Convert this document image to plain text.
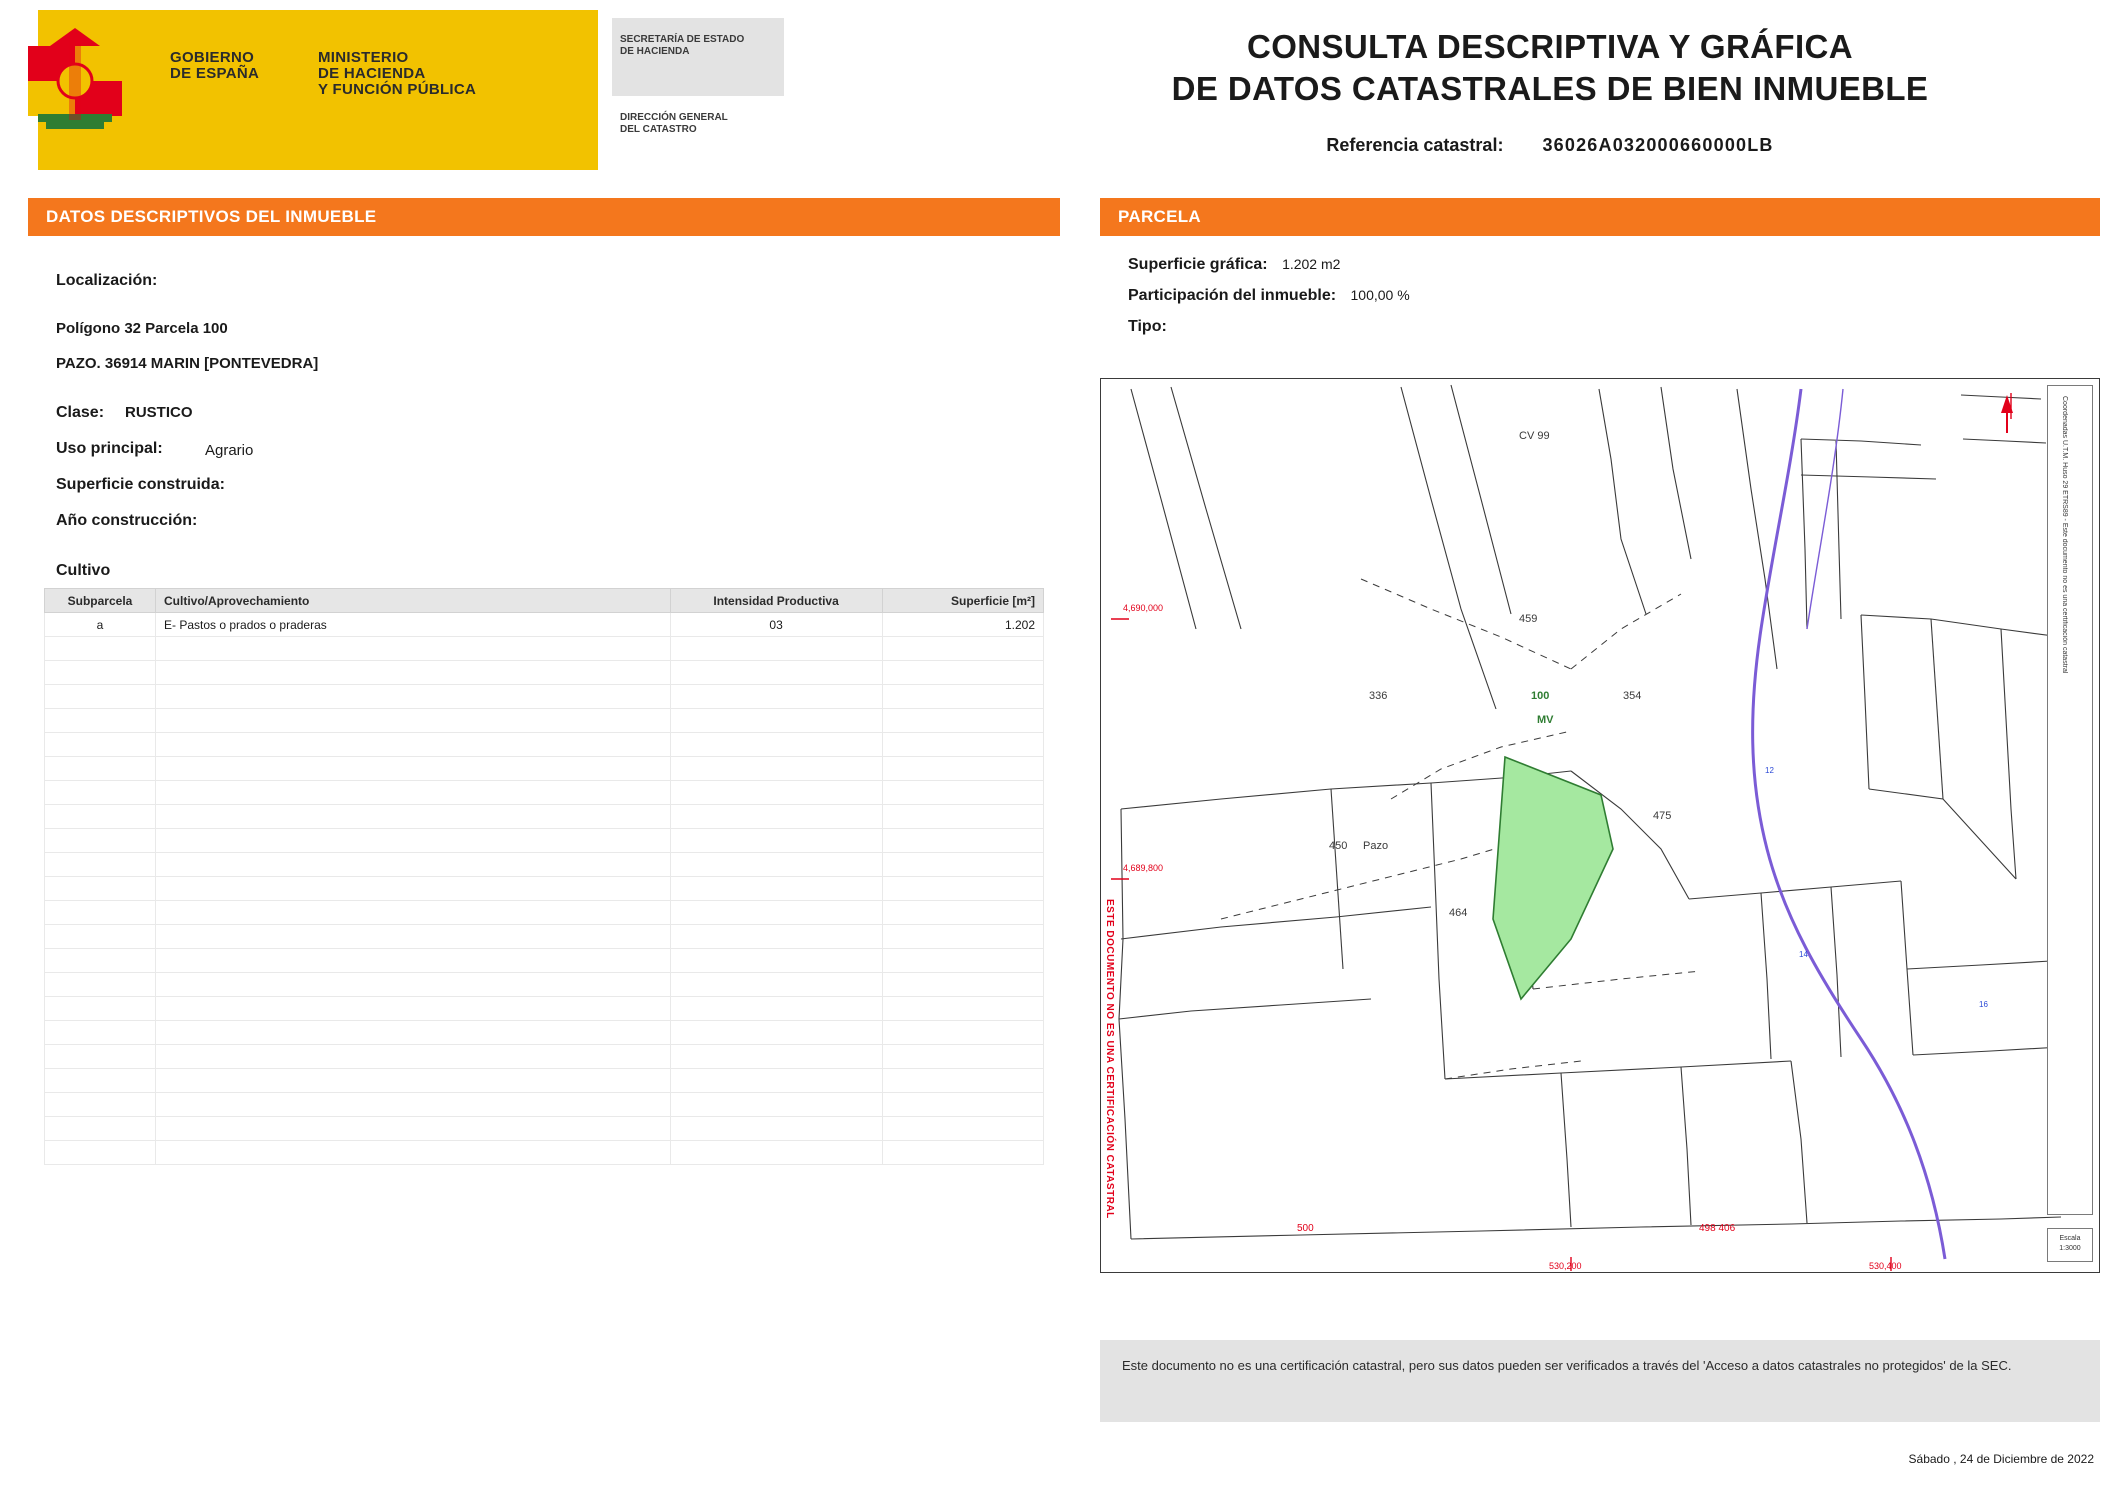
GOBIERNO
DE ESPAÑA
MINISTERIO
DE HACIENDA
Y FUNCIÓN PÚBLICA
SECRETARÍA DE ESTADO
DE HACIENDA
DIRECCIÓN GENERAL
DEL CATASTRO
CONSULTA DESCRIPTIVA Y GRÁFICA
DE DATOS CATASTRALES DE BIEN INMUEBLE
Referencia catastral: 36026A032000660000LB
DATOS DESCRIPTIVOS DEL INMUEBLE
Localización:
Polígono 32 Parcela 100
PAZO. 36914 MARIN [PONTEVEDRA]
Clase: RUSTICO
Uso principal:	Agrario
Superficie construida:
Año construcción:
Cultivo
Subparcela	Cultivo/Aprovechamiento	Intensidad Productiva	Superficie [m²]
a	E- Pastos o prados o praderas	03	1.202

PARCELA
Superficie gráfica: 1.202 m2
Participación del inmueble: 100,00 %
Tipo:
4,690,000
4,689,800
530,200	530,400
CV 99
459
336	354
475
450 Pazo
464
100
MV
500	498 406
12
14
16
Coordenadas U.T.M. Huso 29 ETRS89 - Este documento no es una certificación catastral
ESTE DOCUMENTO NO ES UNA CERTIFICACIÓN CATASTRAL
Escala
1:3000
Este documento no es una certificación catastral, pero sus datos pueden ser verificados a través del 'Acceso a datos catastrales no protegidos' de la SEC.
Sábado , 24 de Diciembre de 2022
